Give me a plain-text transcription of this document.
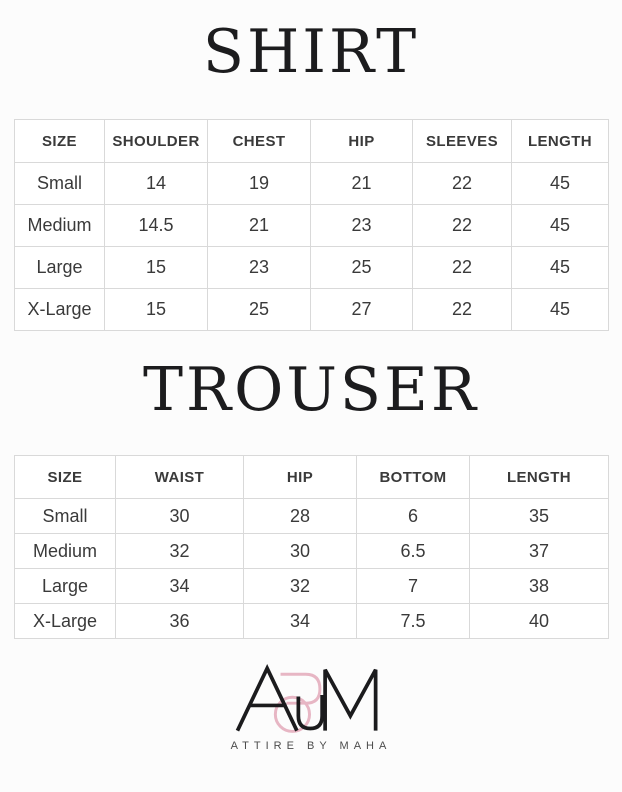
SHIRT
SIZE	SHOULDER	CHEST	HIP	SLEEVES	LENGTH
Small	14	19	21	22	45
Medium	14.5	21	23	22	45
Large	15	23	25	22	45
X-Large	15	25	27	22	45
TROUSER
SIZE	WAIST	HIP	BOTTOM	LENGTH
Small	30	28	6	35
Medium	32	30	6.5	37
Large	34	32	7	38
X-Large	36	34	7.5	40
ATTIRE BY MAHA
